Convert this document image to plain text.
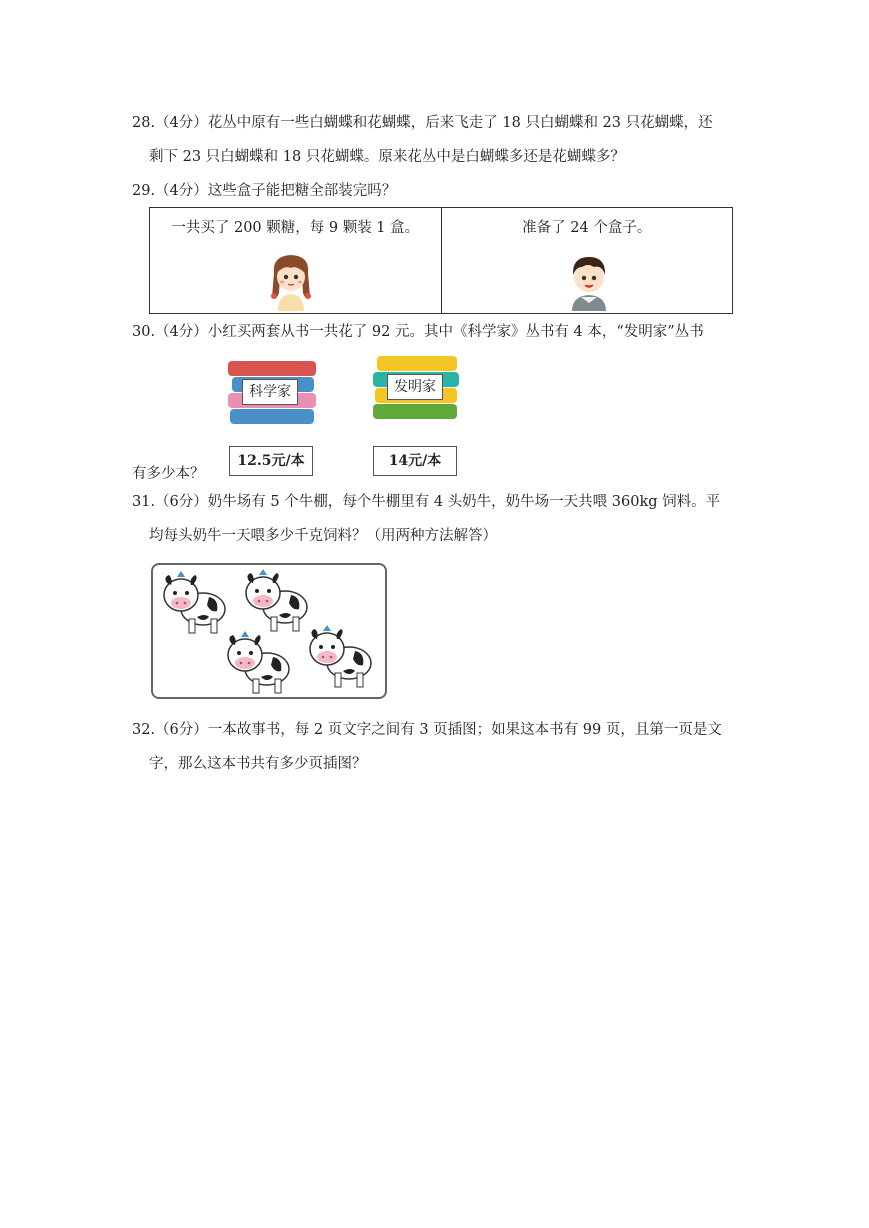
28.（4分）花丛中原有一些白蝴蝶和花蝴蝶，后来飞走了 18 只白蝴蝶和 23 只花蝴蝶，还
剩下 23 只白蝴蝶和 18 只花蝴蝶。原来花丛中是白蝴蝶多还是花蝴蝶多？
29.（4分）这些盒子能把糖全部装完吗？
一共买了 200 颗糖，每 9 颗装 1 盒。	准备了 24 个盒子。
30.（4分）小红买两套从书一共花了 92 元。其中《科学家》丛书有 4 本，“发明家”丛书
科学家
12.5元/本
发明家
14元/本
有多少本？
31.（6分）奶牛场有 5 个牛棚，每个牛棚里有 4 头奶牛，奶牛场一天共喂 360kg 饲料。平
均每头奶牛一天喂多少千克饲料？（用两种方法解答）
32.（6分）一本故事书，每 2 页文字之间有 3 页插图；如果这本书有 99 页，且第一页是文
字，那么这本书共有多少页插图？
